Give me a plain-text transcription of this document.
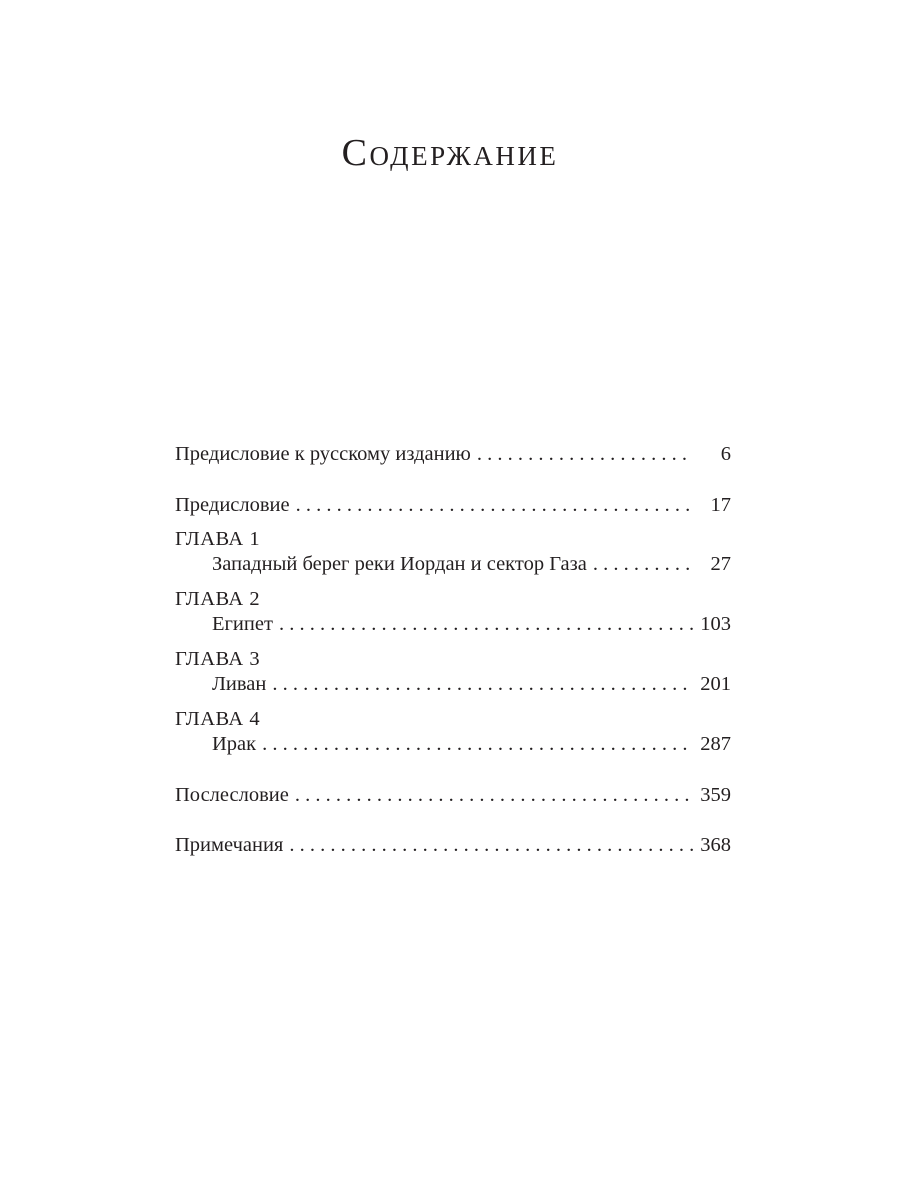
Содержание
Предисловие к русскому изданию . . .	6
Предисловие . . .	17
ГЛАВА 1
Западный берег реки Иордан и сектор Газа . . .	27
ГЛАВА 2
Египет . . .	103
ГЛАВА 3
Ливан . . .	201
ГЛАВА 4
Ирак . . .	287
Послесловие . . .	359
Примечания . . .	368
